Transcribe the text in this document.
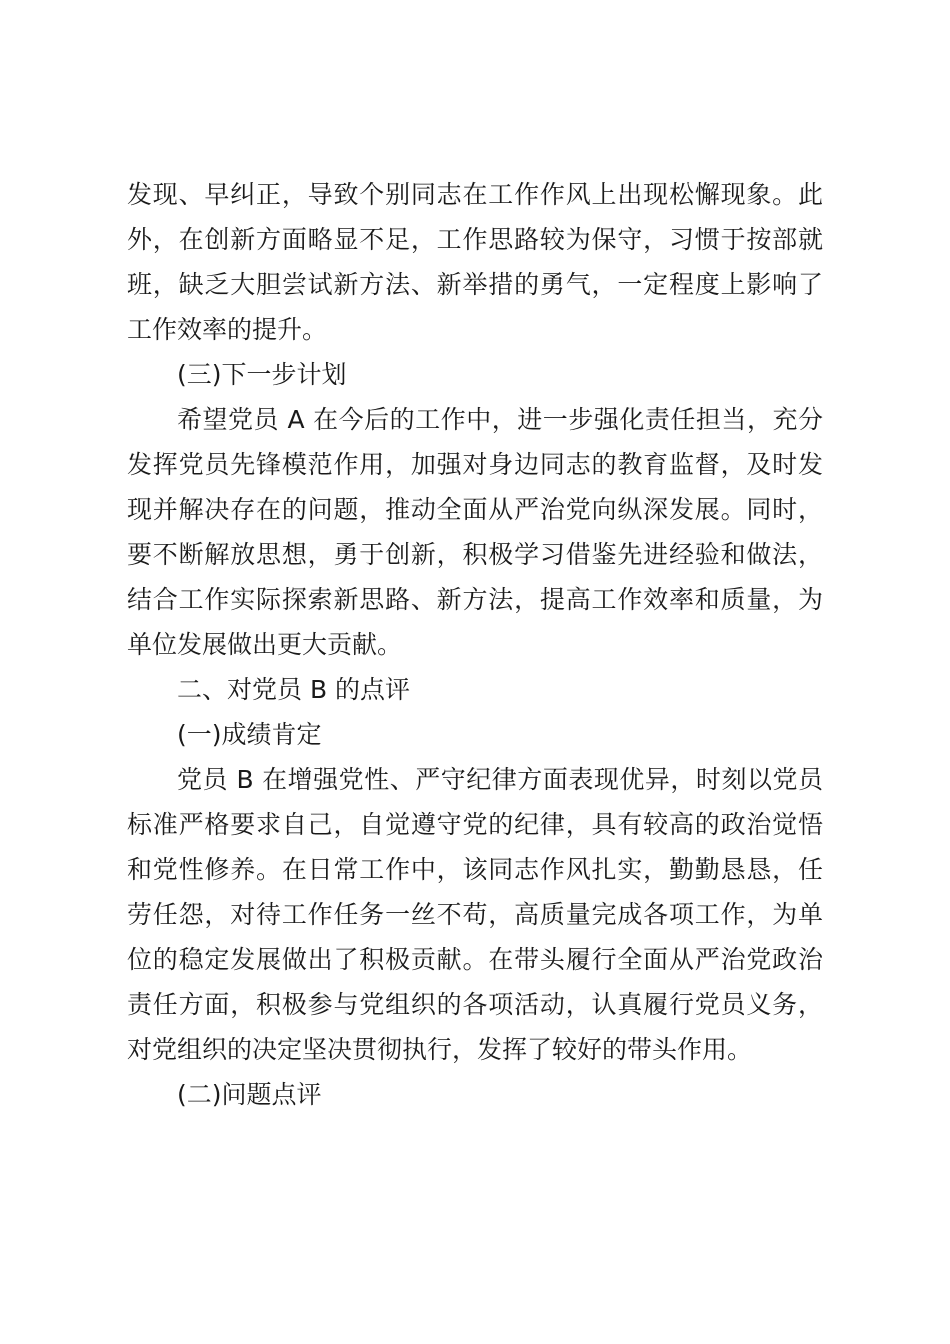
发现、早纠正，导致个别同志在工作作风上出现松懈现象。此外，在创新方面略显不足，工作思路较为保守，习惯于按部就班，缺乏大胆尝试新方法、新举措的勇气，一定程度上影响了工作效率的提升。

(三)下一步计划

希望党员 A 在今后的工作中，进一步强化责任担当，充分发挥党员先锋模范作用，加强对身边同志的教育监督，及时发现并解决存在的问题，推动全面从严治党向纵深发展。同时，要不断解放思想，勇于创新，积极学习借鉴先进经验和做法，结合工作实际探索新思路、新方法，提高工作效率和质量，为单位发展做出更大贡献。

二、对党员 B 的点评

(一)成绩肯定

党员 B 在增强党性、严守纪律方面表现优异，时刻以党员标准严格要求自己，自觉遵守党的纪律，具有较高的政治觉悟和党性修养。在日常工作中，该同志作风扎实，勤勤恳恳，任劳任怨，对待工作任务一丝不苟，高质量完成各项工作，为单位的稳定发展做出了积极贡献。在带头履行全面从严治党政治责任方面，积极参与党组织的各项活动，认真履行党员义务，对党组织的决定坚决贯彻执行，发挥了较好的带头作用。

(二)问题点评
